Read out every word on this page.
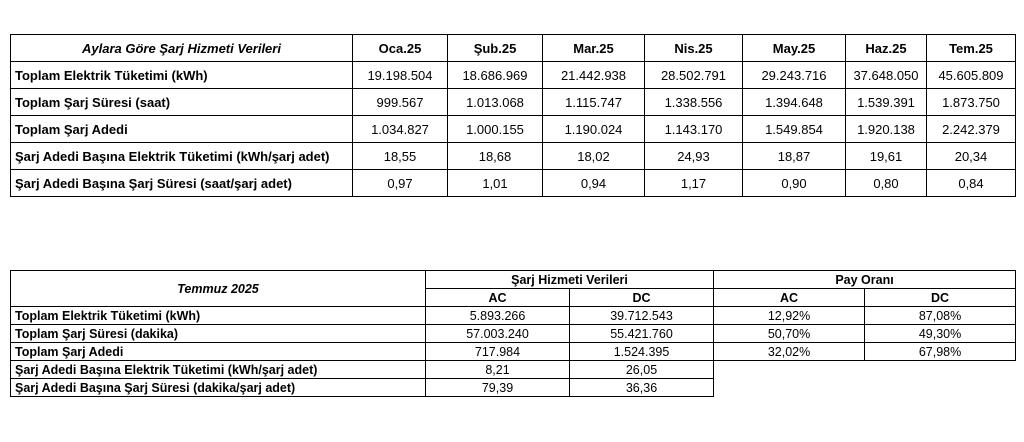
Aylara Göre Şarj Hizmeti Verileri	Oca.25	Şub.25	Mar.25	Nis.25	May.25	Haz.25	Tem.25
Toplam Elektrik Tüketimi (kWh)	19.198.504	18.686.969	21.442.938	28.502.791	29.243.716	37.648.050	45.605.809
Toplam Şarj Süresi (saat)	999.567	1.013.068	1.115.747	1.338.556	1.394.648	1.539.391	1.873.750
Toplam Şarj Adedi	1.034.827	1.000.155	1.190.024	1.143.170	1.549.854	1.920.138	2.242.379
Şarj Adedi Başına Elektrik Tüketimi (kWh/şarj adet)	18,55	18,68	18,02	24,93	18,87	19,61	20,34
Şarj Adedi Başına Şarj Süresi (saat/şarj adet)	0,97	1,01	0,94	1,17	0,90	0,80	0,84
Temmuz 2025	Şarj Hizmeti Verileri		Pay Oranı	
	AC	DC	AC	DC
Toplam Elektrik Tüketimi (kWh)	5.893.266	39.712.543	12,92%	87,08%
Toplam Şarj Süresi (dakika)	57.003.240	55.421.760	50,70%	49,30%
Toplam Şarj Adedi	717.984	1.524.395	32,02%	67,98%
Şarj Adedi Başına Elektrik Tüketimi (kWh/şarj adet)	8,21	26,05		
Şarj Adedi Başına Şarj Süresi (dakika/şarj adet)	79,39	36,36		
